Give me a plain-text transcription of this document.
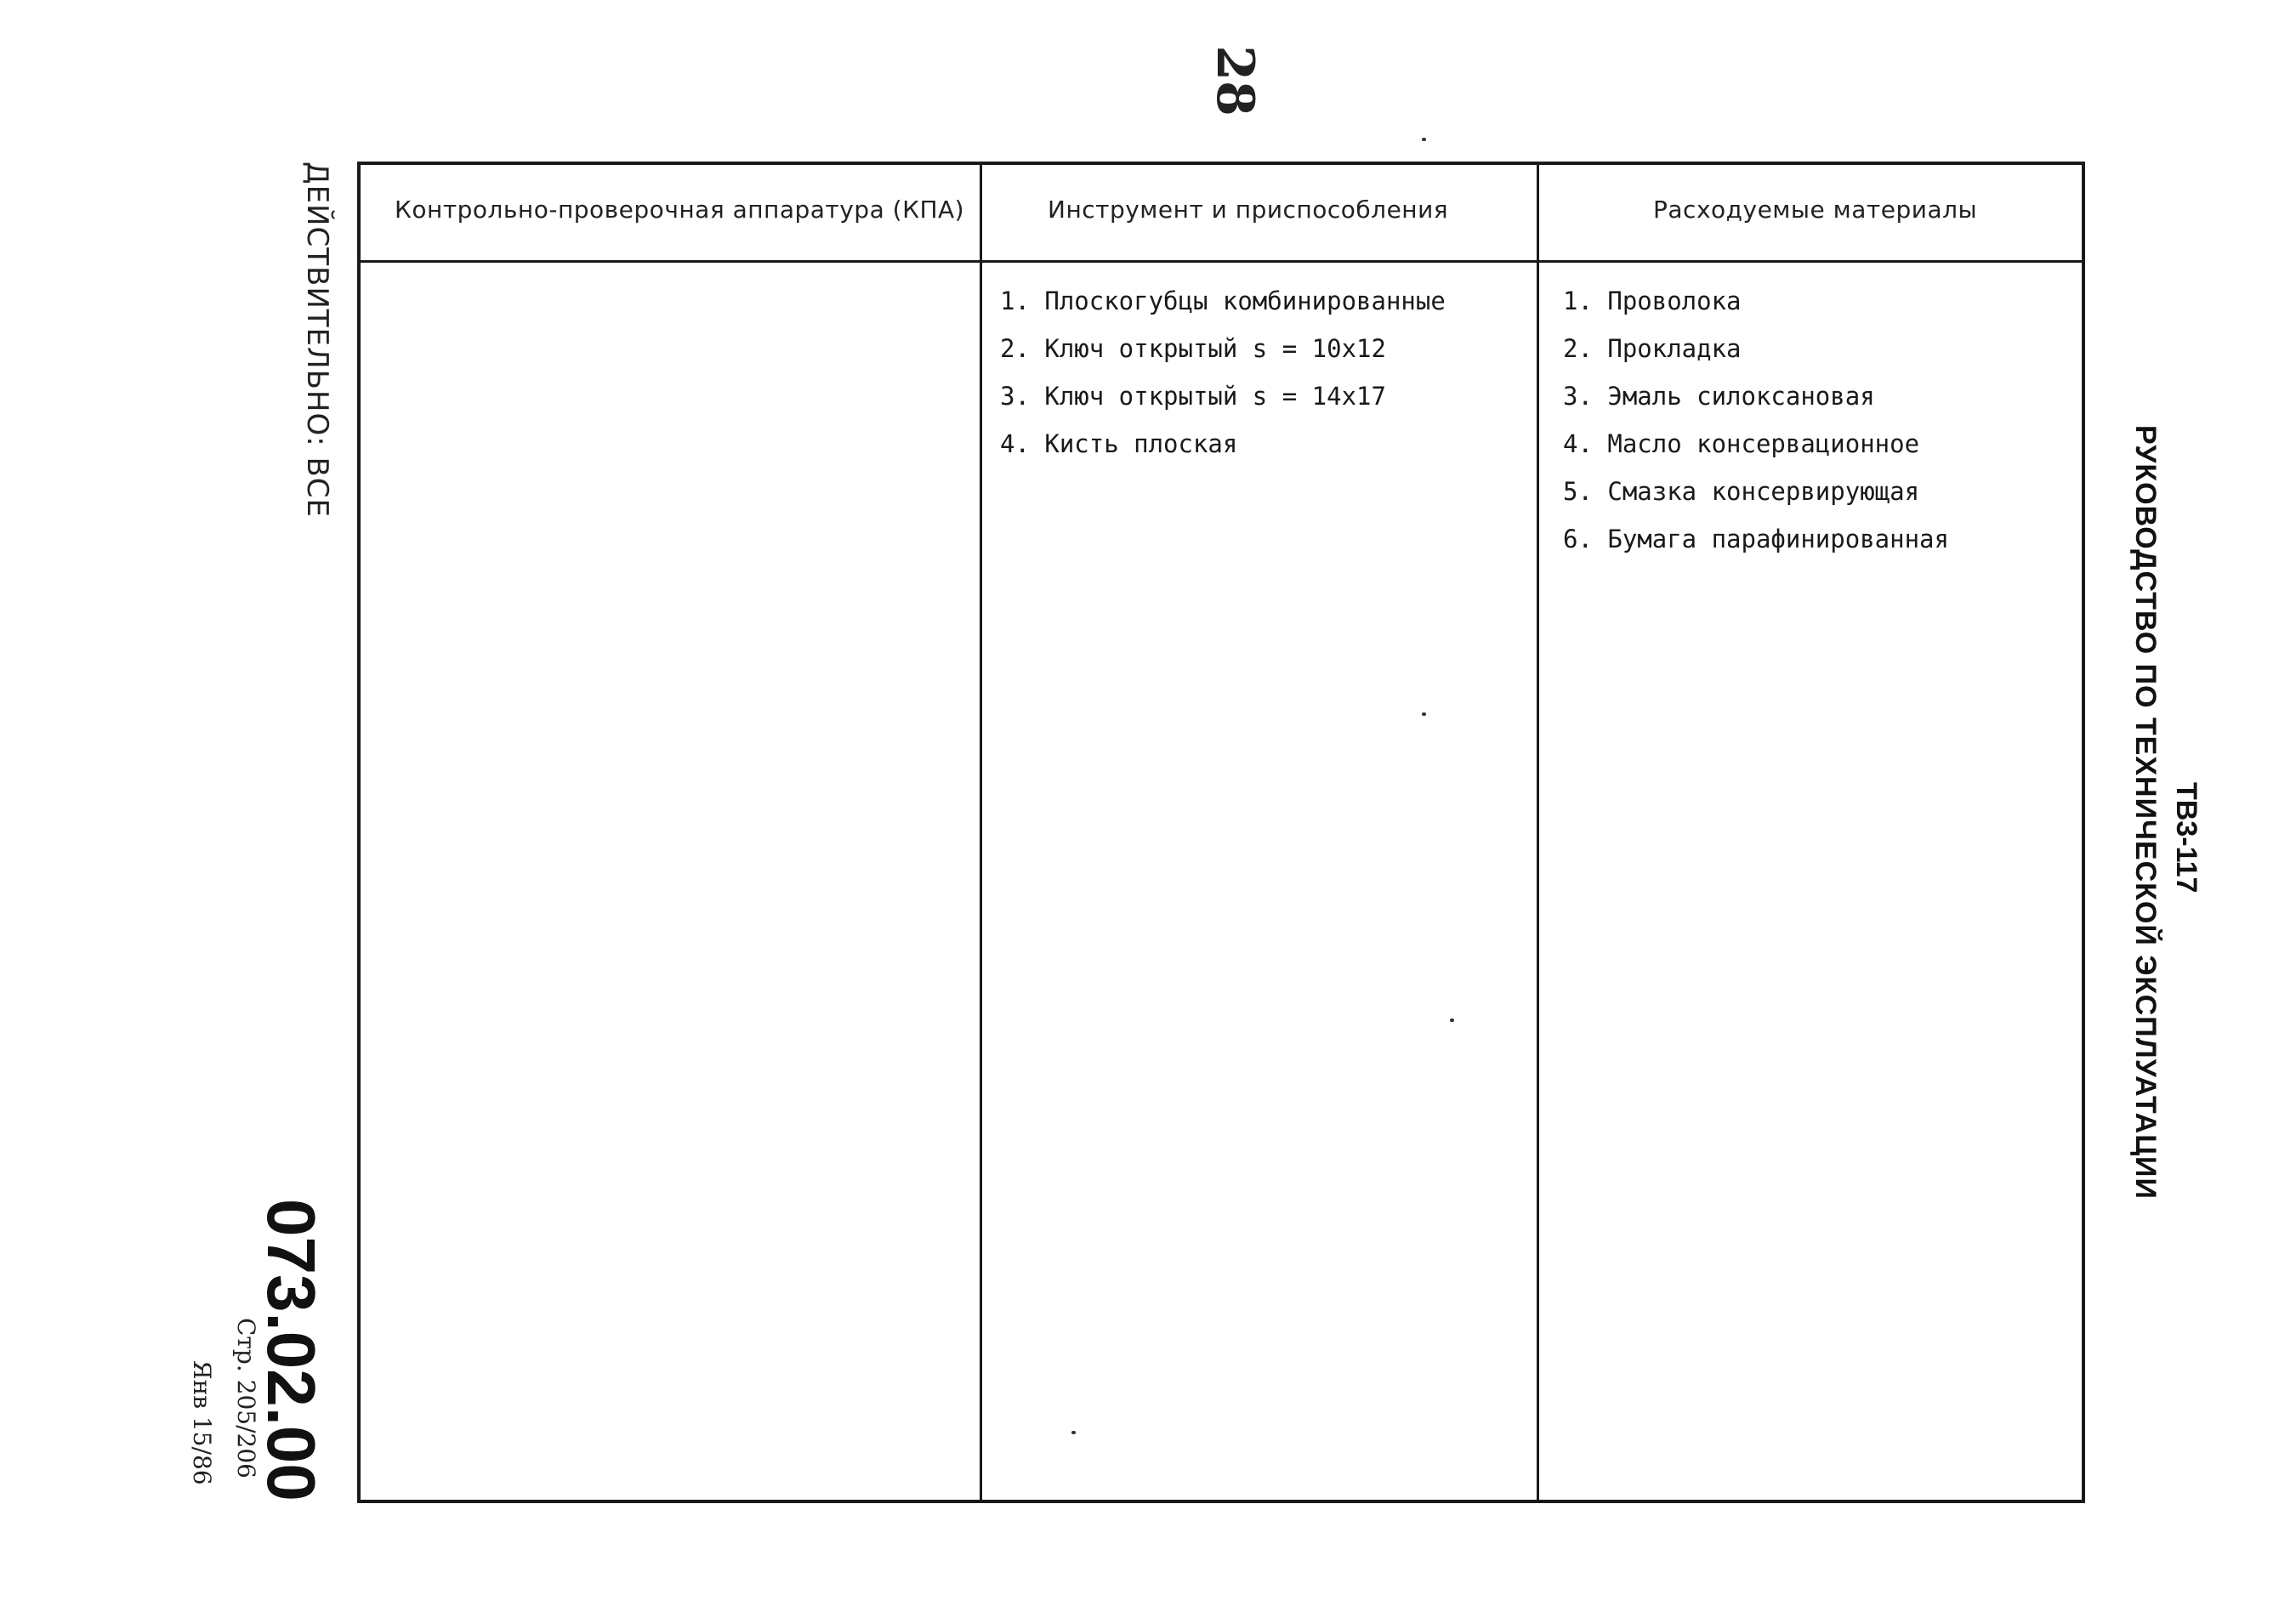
28
ДЕЙСТВИТЕЛЬНО: ВСЕ
073.02.00
Стр. 205/206
Янв 15/86
ТВ3-117
РУКОВОДСТВО ПО ТЕХНИЧЕСКОЙ ЭКСПЛУАТАЦИИ
Контрольно-проверочная аппаратура (КПА)	Инструмент и приспособления	Расходуемые материалы
1. Плоскогубцы комбинированные
2. Ключ открытый s = 10x12
3. Ключ открытый s = 14x17
4. Кисть плоская
1. Проволока
2. Прокладка
3. Эмаль силоксановая
4. Масло консервационное
5. Смазка консервирующая
6. Бумага парафинированная
